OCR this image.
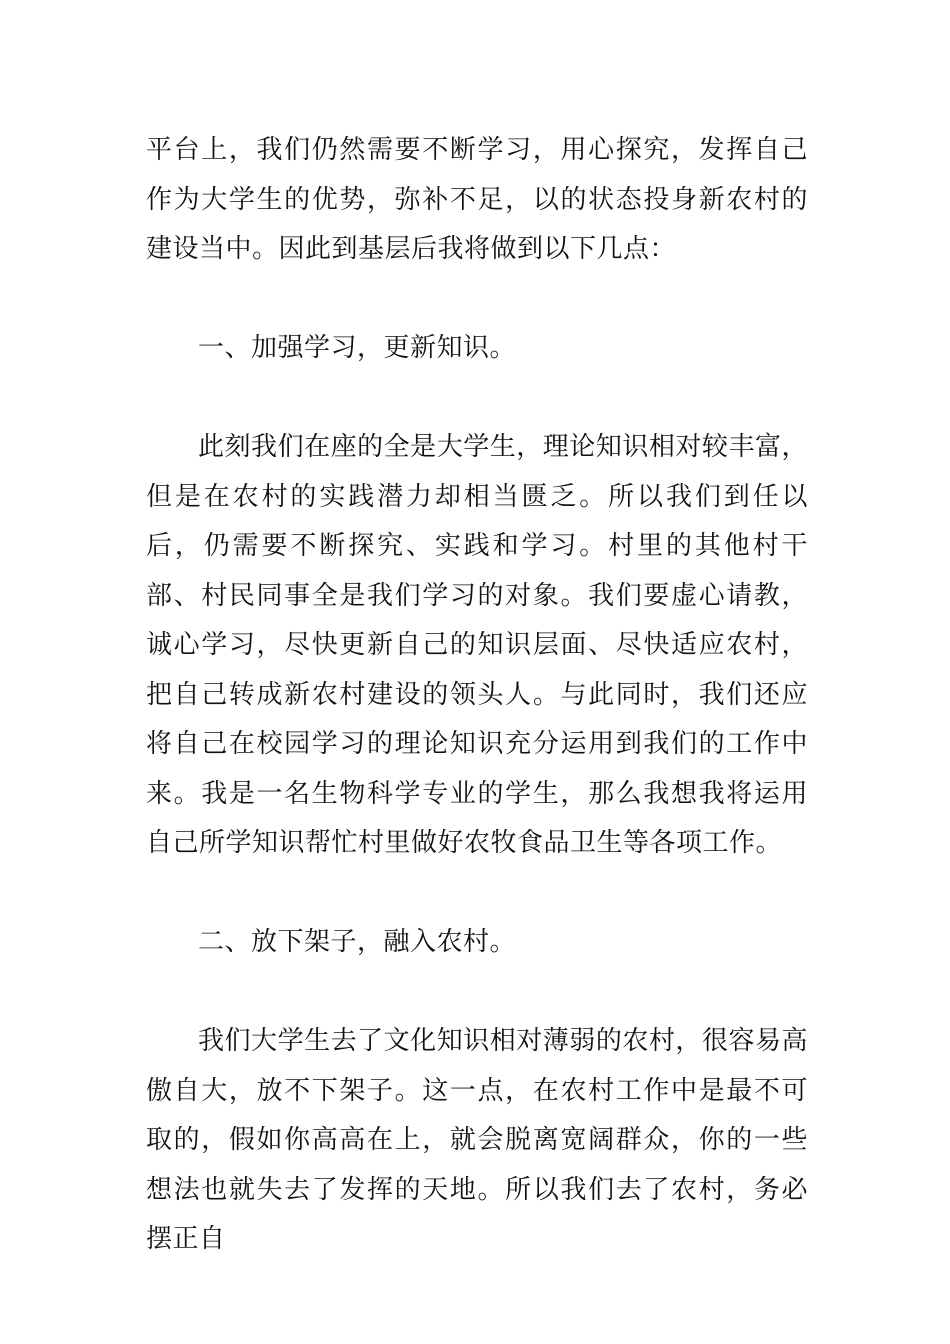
平台上，我们仍然需要不断学习，用心探究，发挥自己作为大学生的优势，弥补不足，以的状态投身新农村的建设当中。因此到基层后我将做到以下几点：

一、加强学习，更新知识。

此刻我们在座的全是大学生，理论知识相对较丰富，但是在农村的实践潜力却相当匮乏。所以我们到任以后，仍需要不断探究、实践和学习。村里的其他村干部、村民同事全是我们学习的对象。我们要虚心请教，诚心学习，尽快更新自己的知识层面、尽快适应农村，把自己转成新农村建设的领头人。与此同时，我们还应将自己在校园学习的理论知识充分运用到我们的工作中来。我是一名生物科学专业的学生，那么我想我将运用自己所学知识帮忙村里做好农牧食品卫生等各项工作。

二、放下架子，融入农村。

我们大学生去了文化知识相对薄弱的农村，很容易高傲自大，放不下架子。这一点，在农村工作中是最不可取的，假如你高高在上，就会脱离宽阔群众，你的一些想法也就失去了发挥的天地。所以我们去了农村，务必摆正自
